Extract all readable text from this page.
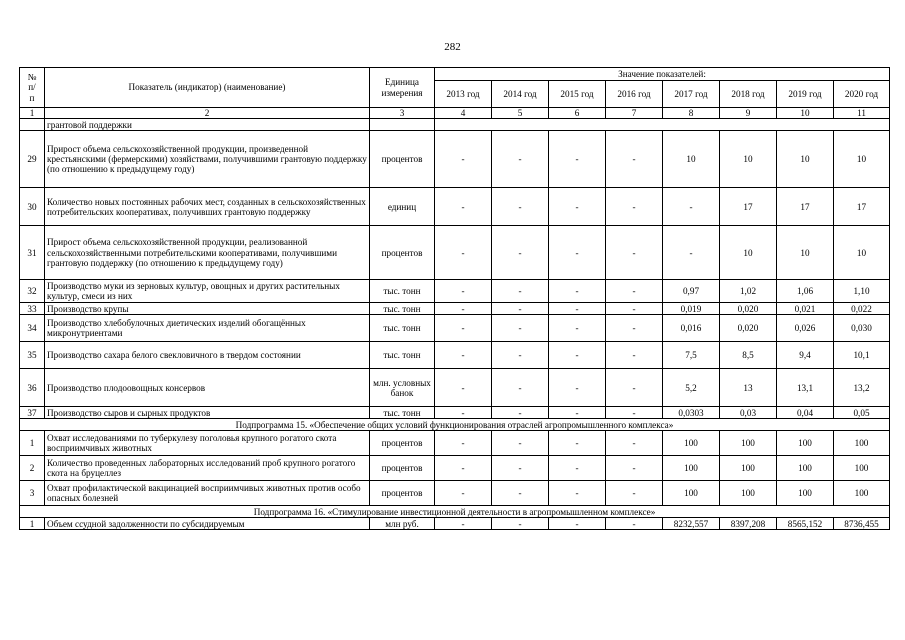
282
№
п/
п	Показатель (индикатор) (наименование)	Единица измерения	Значение показателей:							
			2013 год	2014 год	2015 год	2016 год	2017 год	2018 год	2019 год	2020 год
1	2	3	4	5	6	7	8	9	10	11
	грантовой поддержки									
29	Прирост объема сельскохозяйственной продукции, произведенной крестьянскими (фермерскими) хозяйствами, получившими грантовую поддержку (по отношению к предыдущему году)	процентов	-	-	-	-	10	10	10	10
30	Количество новых постоянных рабочих мест, созданных в сельскохозяйственных потребительских кооперативах, получивших грантовую поддержку	единиц	-	-	-	-	-	17	17	17
31	Прирост объема сельскохозяйственной продукции, реализованной сельскохозяйственными потребительскими кооперативами, получившими грантовую поддержку (по отношению к предыдущему году)	процентов	-	-	-	-	-	10	10	10
32	Производство муки из зерновых культур, овощных и других растительных культур, смеси из них	тыс. тонн	-	-	-	-	0,97	1,02	1,06	1,10
33	Производство крупы	тыс. тонн	-	-	-	-	0,019	0,020	0,021	0,022
34	Производство хлебобулочных диетических изделий обогащённых микронутриентами	тыс. тонн	-	-	-	-	0,016	0,020	0,026	0,030
35	Производство сахара белого свекловичного в твердом состоянии	тыс. тонн	-	-	-	-	7,5	8,5	9,4	10,1
36	Производство плодоовощных консервов	млн. условных банок	-	-	-	-	5,2	13	13,1	13,2
37	Производство сыров и сырных продуктов	тыс. тонн	-	-	-	-	0,0303	0,03	0,04	0,05
Подпрограмма 15. «Обеспечение общих условий функционирования отраслей агропромышленного комплекса»										
1	Охват исследованиями по туберкулезу поголовья крупного рогатого скота восприимчивых животных	процентов	-	-	-	-	100	100	100	100
2	Количество проведенных лабораторных исследований проб крупного рогатого скота на бруцеллез	процентов	-	-	-	-	100	100	100	100
3	Охват профилактической вакцинацией восприимчивых животных против особо опасных болезней	процентов	-	-	-	-	100	100	100	100
Подпрограмма 16. «Стимулирование инвестиционной деятельности в агропромышленном комплексе»										
1	Объем ссудной задолженности по субсидируемым	млн руб.	-	-	-	-	8232,557	8397,208	8565,152	8736,455
